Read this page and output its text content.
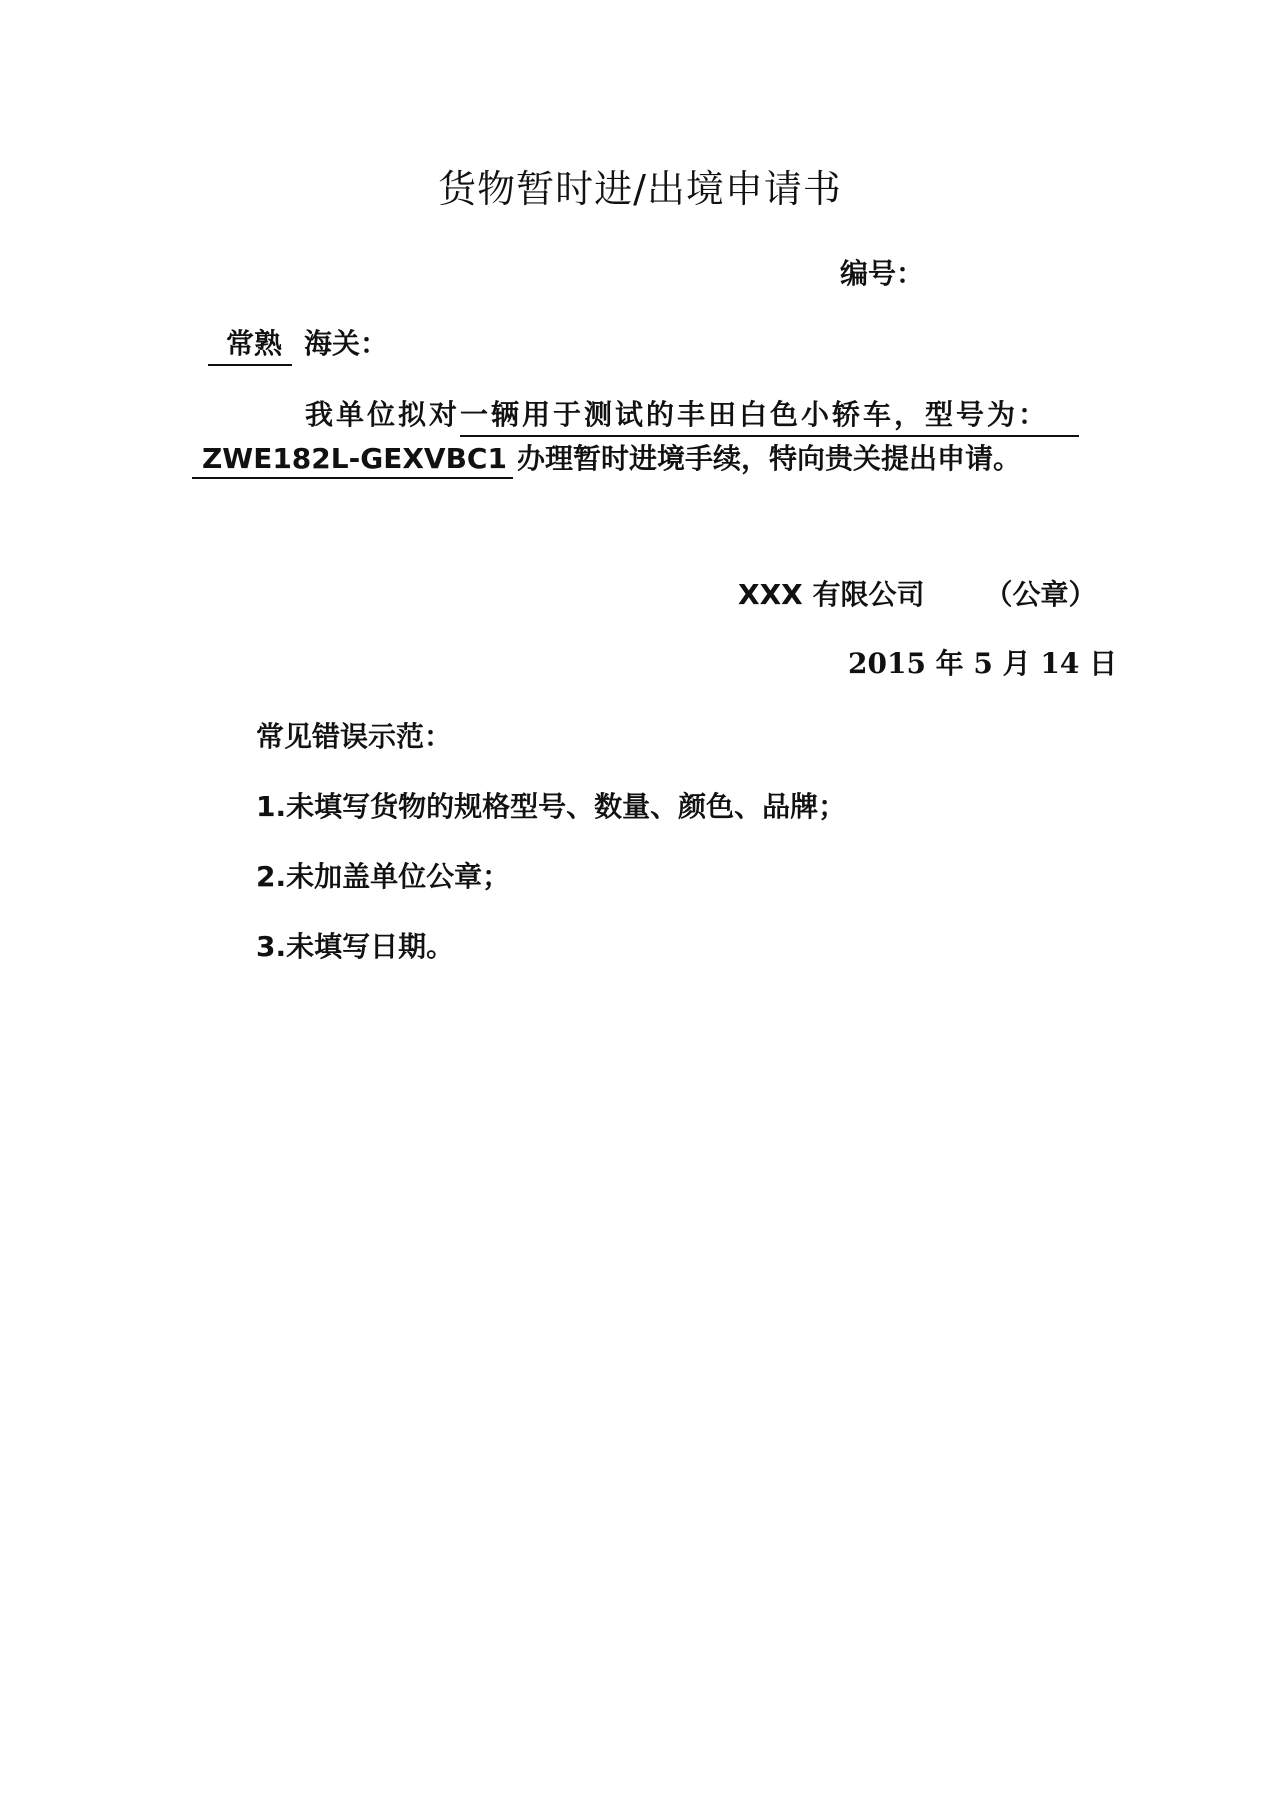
货物暂时进/出境申请书
编号：
常熟 海关：
我单位拟对一辆用于测试的丰田白色小轿车，型号为：
ZWE182L-GEXVBC1 办理暂时进境手续，特向贵关提出申请。
XXX 有限公司 （公章）
2015 年 5 月 14 日
常见错误示范：
1.未填写货物的规格型号、数量、颜色、品牌；
2.未加盖单位公章；
3.未填写日期。
